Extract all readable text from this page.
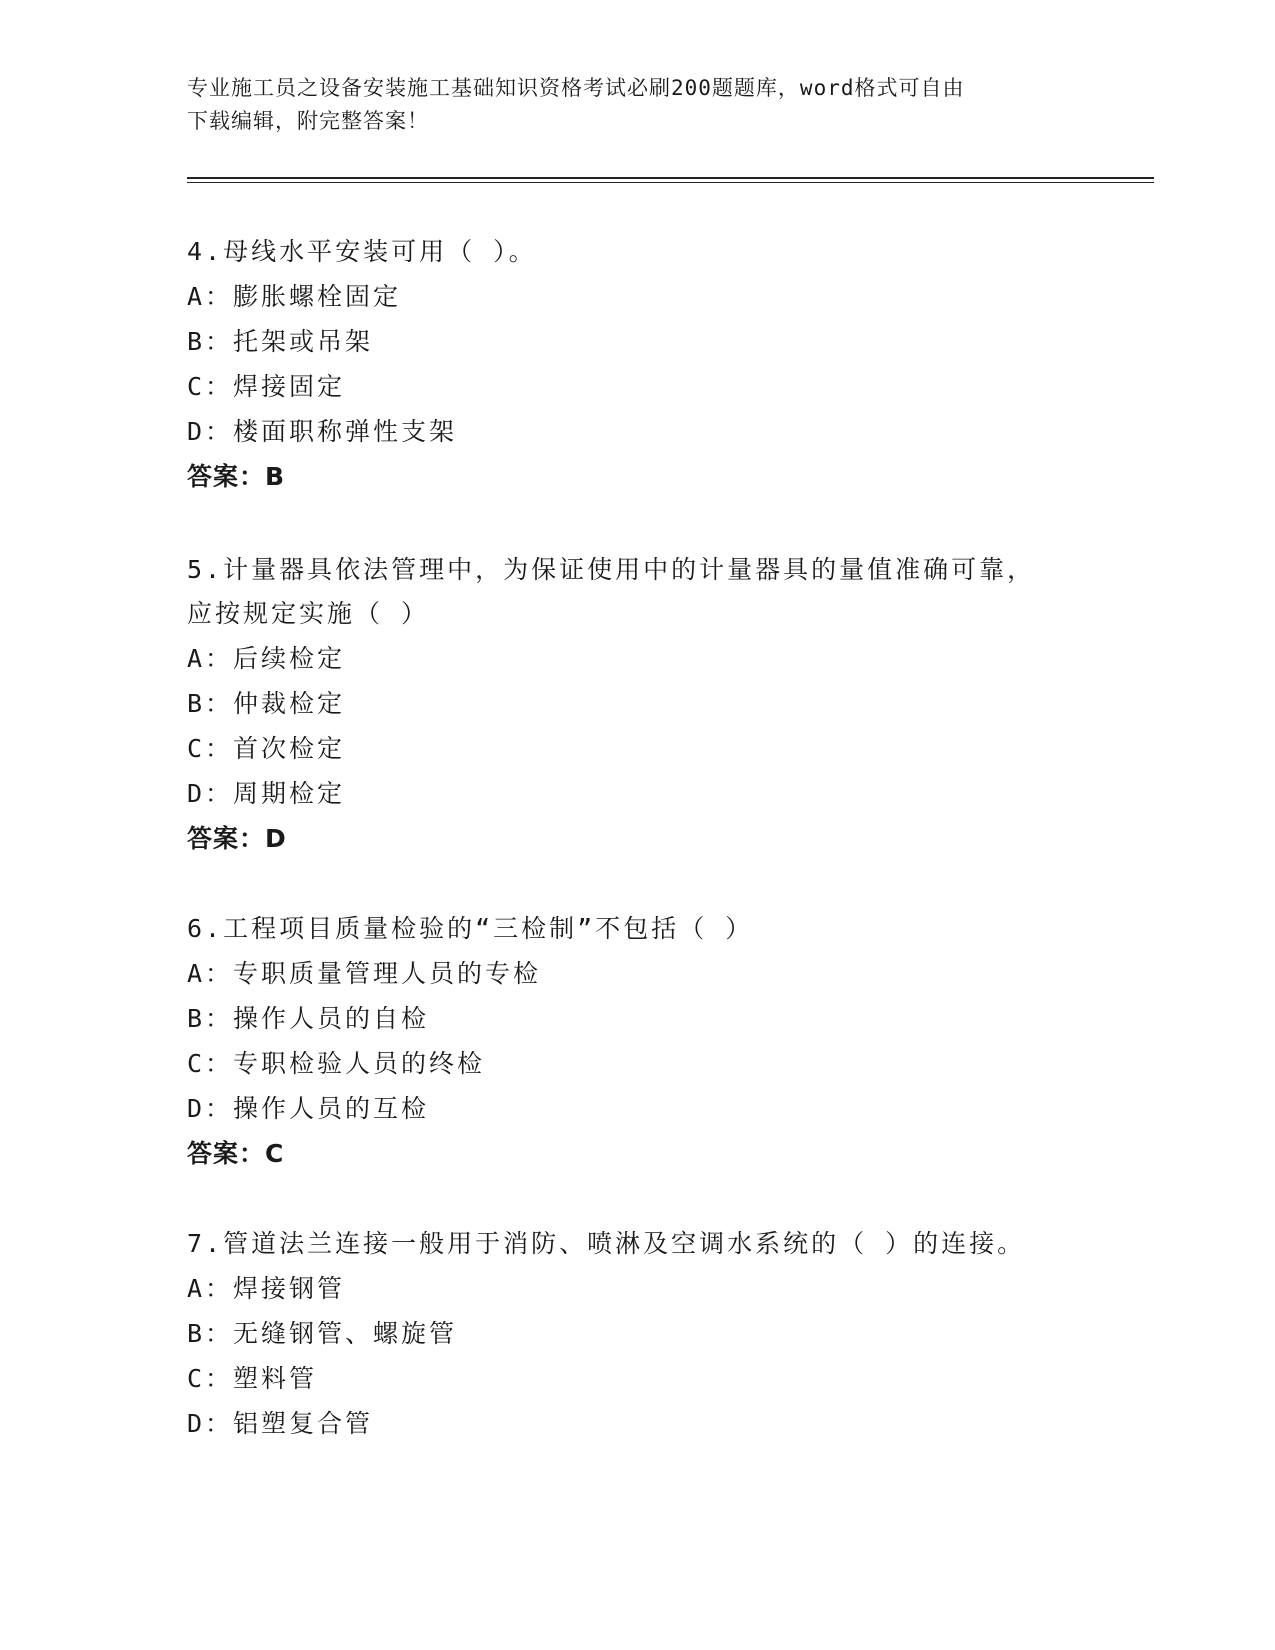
专业施工员之设备安装施工基础知识资格考试必刷200题题库，word格式可自由
下载编辑，附完整答案！
4.母线水平安装可用（ ）。
A：膨胀螺栓固定
B：托架或吊架
C：焊接固定
D：楼面职称弹性支架
答案：B
5.计量器具依法管理中，为保证使用中的计量器具的量值准确可靠，
应按规定实施（ ）
A：后续检定
B：仲裁检定
C：首次检定
D：周期检定
答案：D
6.工程项目质量检验的“三检制”不包括（ ）
A：专职质量管理人员的专检
B：操作人员的自检
C：专职检验人员的终检
D：操作人员的互检
答案：C
7.管道法兰连接一般用于消防、喷淋及空调水系统的（ ）的连接。
A：焊接钢管
B：无缝钢管、螺旋管
C：塑料管
D：铝塑复合管
